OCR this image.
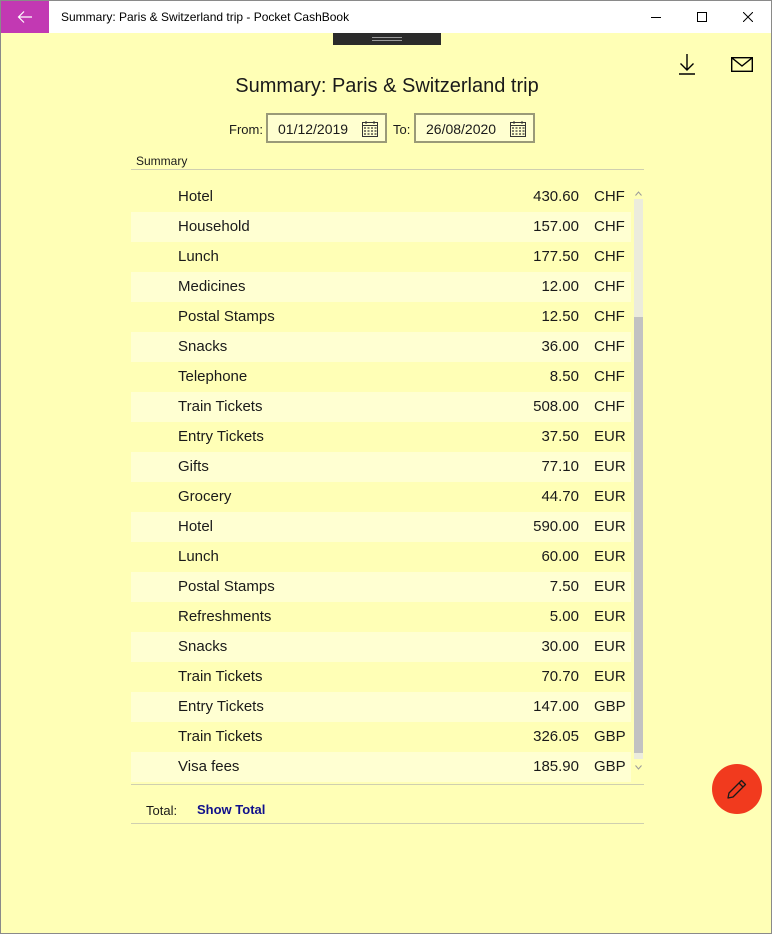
Summary: Paris & Switzerland trip - Pocket CashBook
Summary: Paris & Switzerland trip
From: 01/12/2019	To: 26/08/2020
Summary
Hotel	430.60 CHF
Household	157.00 CHF
Lunch	177.50 CHF
Medicines	12.00 CHF
Postal Stamps	12.50 CHF
Snacks	36.00 CHF
Telephone	8.50 CHF
Train Tickets	508.00 CHF
Entry Tickets	37.50 EUR
Gifts	77.10 EUR
Grocery	44.70 EUR
Hotel	590.00 EUR
Lunch	60.00 EUR
Postal Stamps	7.50 EUR
Refreshments	5.00 EUR
Snacks	30.00 EUR
Train Tickets	70.70 EUR
Entry Tickets	147.00 GBP
Train Tickets	326.05 GBP
Visa fees	185.90 GBP
Total: Show Total
